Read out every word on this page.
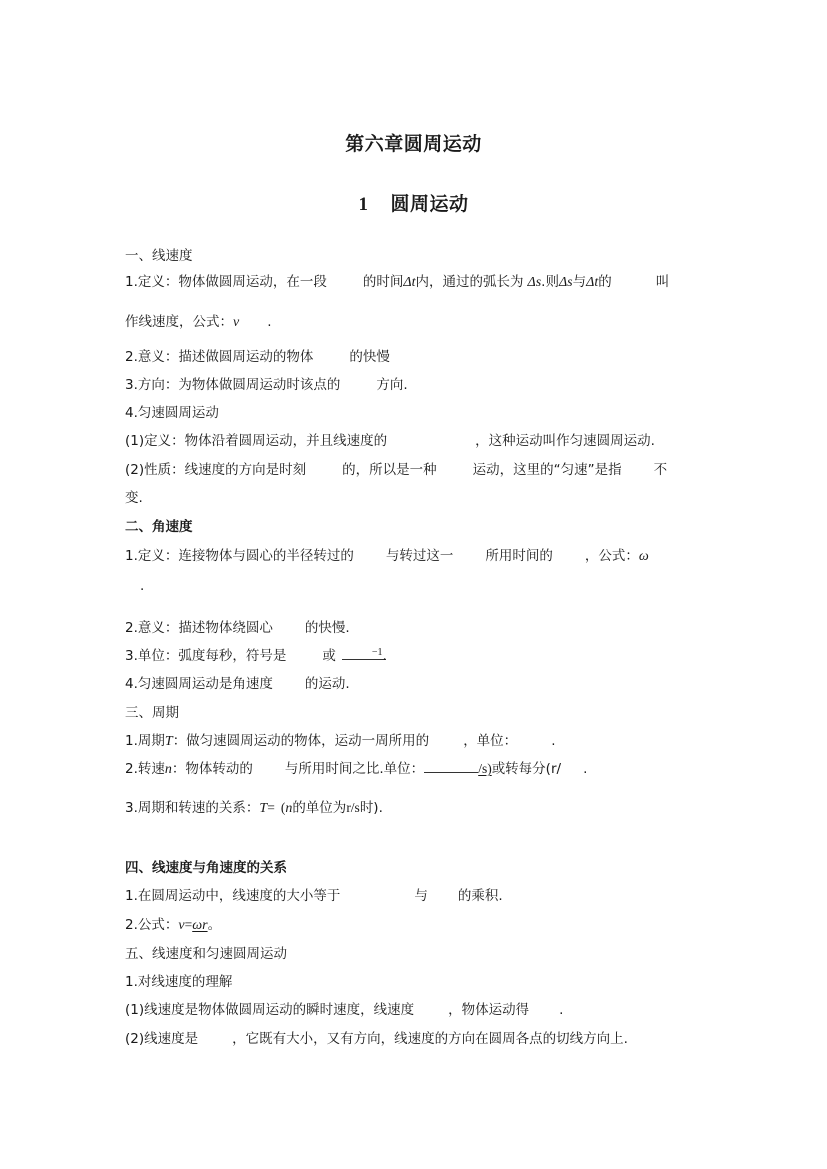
第六章圆周运动
1 圆周运动
一、线速度
1.定义：物体做圆周运动，在一段	的时间Δt内，通过的弧长为 Δs.则Δs与Δt的	叫
作线速度，公式：v .
2.意义：描述做圆周运动的物体	的快慢
3.方向：为物体做圆周运动时该点的	方向.
4.匀速圆周运动
(1)定义：物体沿着圆周运动，并且线速度的	，这种运动叫作匀速圆周运动.
(2)性质：线速度的方向是时刻	的，所以是一种	运动，这里的“匀速”是指 不
变.
二、角速度
1.定义：连接物体与圆心的半径转过的 与转过这一 所用时间的 ，公式：ω
.
2.意义：描述物体绕圆心 的快慢.
3.单位：弧度每秒，符号是	或	$^{-1}$.
4.匀速圆周运动是角速度 的运动.
三、周期
1.周期T：做匀速圆周运动的物体，运动一周所用的	，单位：	.
2.转速n：物体转动的 与所用时间之比.单位：	/s)或转每分(r/ .
3.周期和转速的关系：T= (n的单位为r/s时).
四、线速度与角速度的关系
1.在圆周运动中，线速度的大小等于	与 的乘积.
2.公式：v=ωr。
五、线速度和匀速圆周运动
1.对线速度的理解
(1)线速度是物体做圆周运动的瞬时速度，线速度	，物体运动得 .
(2)线速度是	，它既有大小，又有方向，线速度的方向在圆周各点的切线方向上.
